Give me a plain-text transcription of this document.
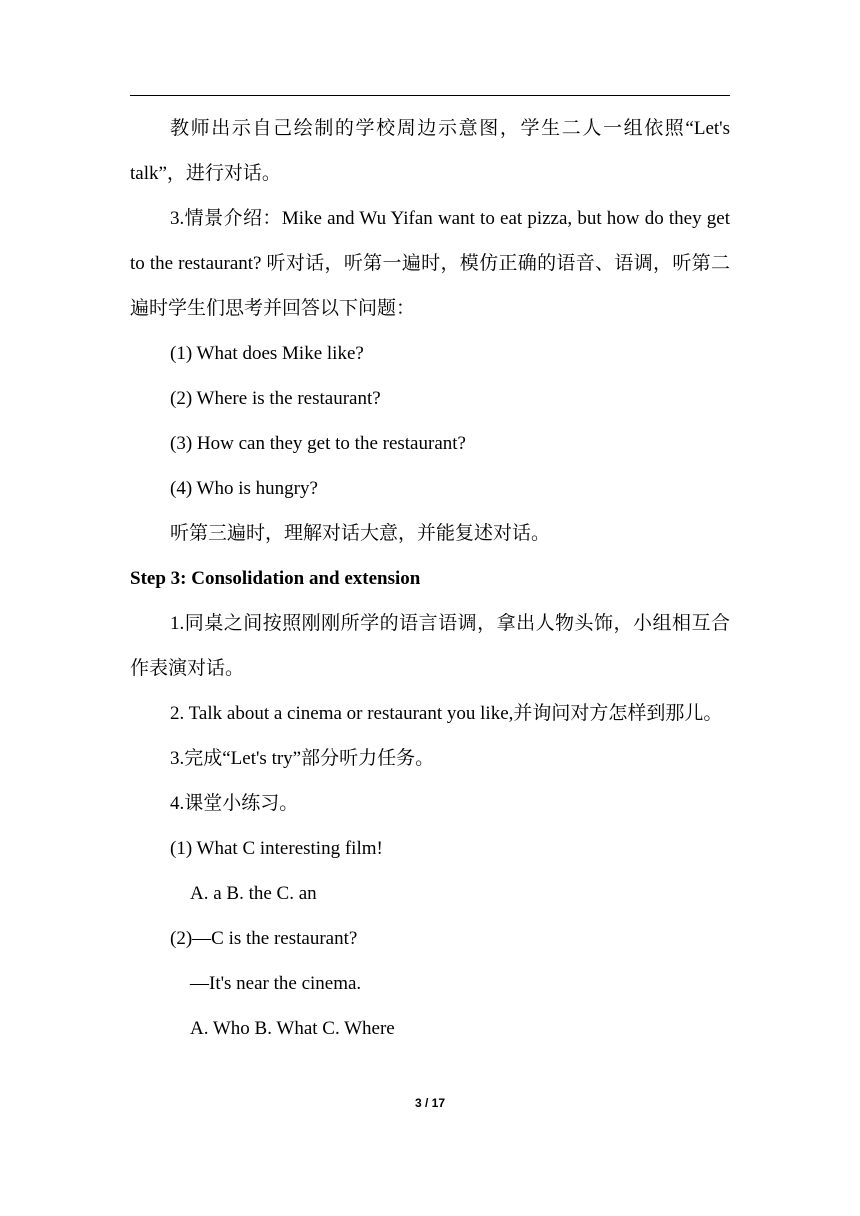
教师出示自己绘制的学校周边示意图，学生二人一组依照“Let's talk”，进行对话。

3.情景介绍：Mike and Wu Yifan want to eat pizza, but how do they get to the restaurant? 听对话，听第一遍时，模仿正确的语音、语调，听第二遍时学生们思考并回答以下问题：

(1) What does Mike like?

(2) Where is the restaurant?

(3) How can they get to the restaurant?

(4) Who is hungry?

听第三遍时，理解对话大意，并能复述对话。

Step 3: Consolidation and extension

1.同桌之间按照刚刚所学的语言语调，拿出人物头饰，小组相互合作表演对话。

2. Talk about a cinema or restaurant you like,并询问对方怎样到那儿。

3.完成“Let's try”部分听力任务。

4.课堂小练习。

(1) What C interesting film!

A. a B. the C. an

(2)—C is the restaurant?

—It's near the cinema.

A. Who B. What C. Where

3 / 17
